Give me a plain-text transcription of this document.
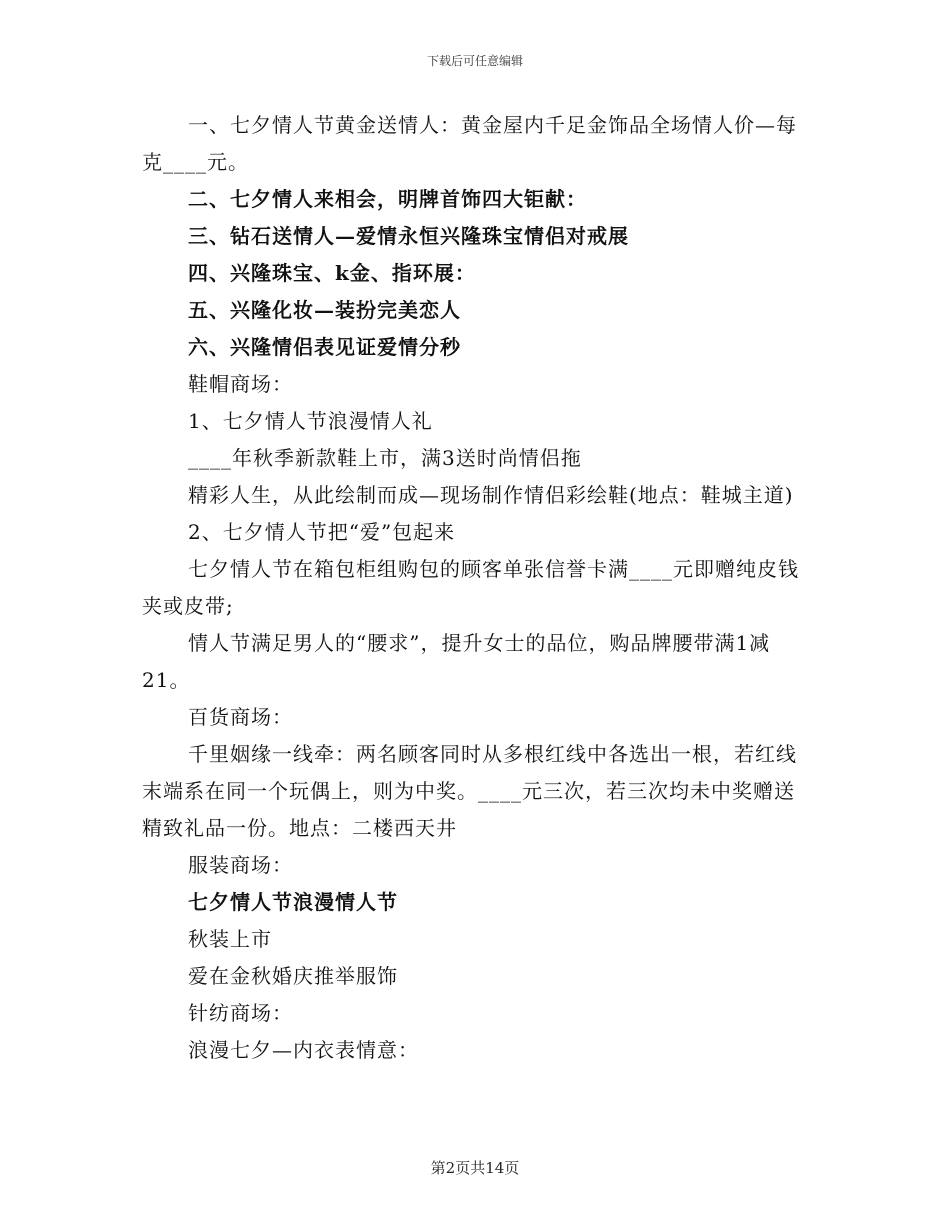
下载后可任意编辑

一、七夕情人节黄金送情人：黄金屋内千足金饰品全场情人价—每克____元。

二、七夕情人来相会，明牌首饰四大钜献：

三、钻石送情人—爱情永恒兴隆珠宝情侣对戒展

四、兴隆珠宝、k金、指环展：

五、兴隆化妆—装扮完美恋人

六、兴隆情侣表见证爱情分秒

鞋帽商场：

1、七夕情人节浪漫情人礼

____年秋季新款鞋上市，满3送时尚情侣拖

精彩人生，从此绘制而成—现场制作情侣彩绘鞋(地点：鞋城主道)

2、七夕情人节把“爱”包起来

七夕情人节在箱包柜组购包的顾客单张信誉卡满____元即赠纯皮钱夹或皮带;

情人节满足男人的“腰求”，提升女士的品位，购品牌腰带满1减21。

百货商场：

千里姻缘一线牵：两名顾客同时从多根红线中各选出一根，若红线末端系在同一个玩偶上，则为中奖。____元三次，若三次均未中奖赠送精致礼品一份。地点：二楼西天井

服装商场：

七夕情人节浪漫情人节

秋装上市

爱在金秋婚庆推举服饰

针纺商场：

浪漫七夕—内衣表情意：

第2页共14页
